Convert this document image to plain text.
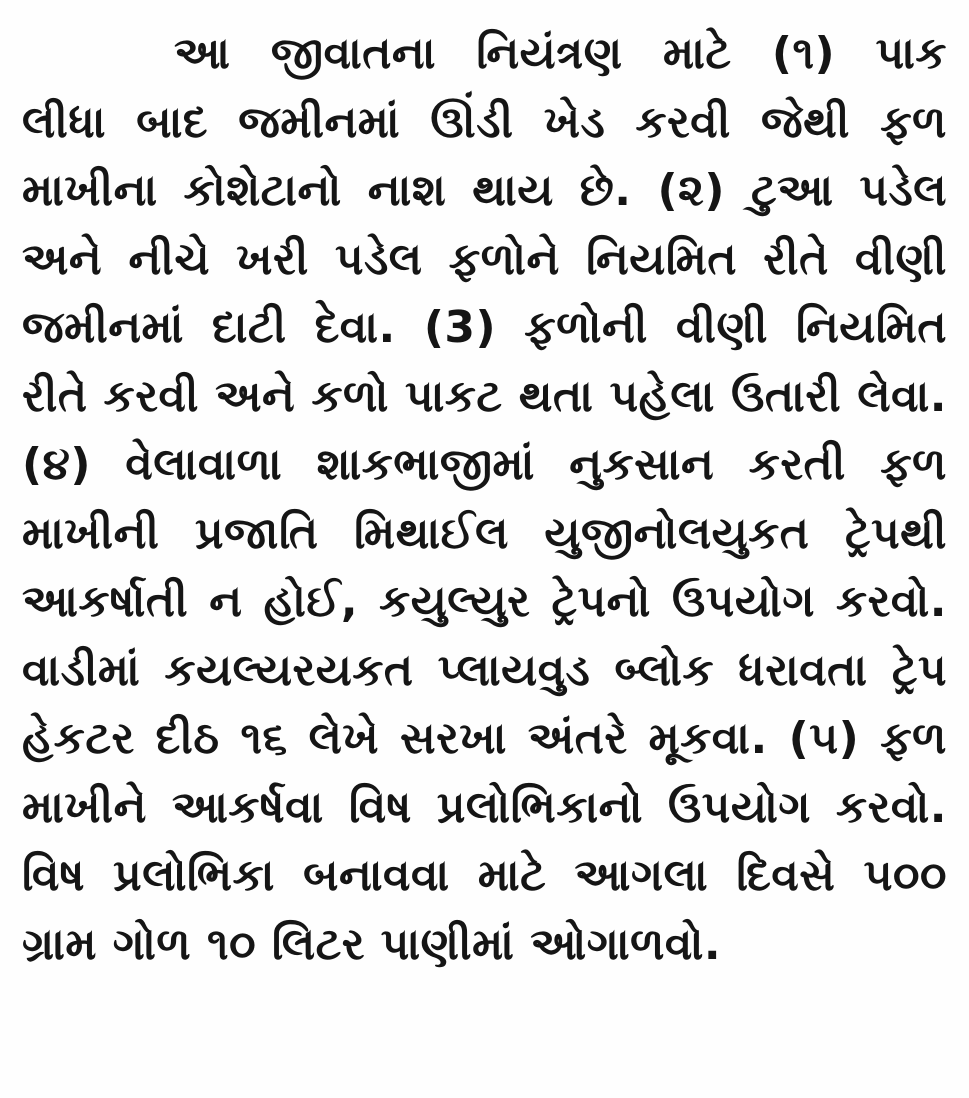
આ જીવાતના નિયંત્રણ માટે (૧) પાક
લીધા બાદ જમીનમાં ઊંડી ખેડ કરવી જેથી ફળ
માખીના કોશેટાનો નાશ થાય છે. (૨) ટુઆ પડેલ
અને નીચે ખરી પડેલ ફળોને નિયમિત રીતે વીણી
જમીનમાં દાટી દેવા. (3) ફળોની વીણી નિયમિત
રીતે કરવી અને કળો પાકટ થતા પહેલા ઉતારી લેવા.
(૪) વેલાવાળા શાકભાજીમાં નુકસાન કરતી ફળ
માખીની પ્રજાતિ મિથાઈલ યુજીનોલયુકત ટ્રેપથી
આકર્ષાતી ન હોઈ, કયુલ્યુર ટ્રેપનો ઉપયોગ કરવો.
વાડીમાં કયલ્યરયકત પ્લાયવુડ બ્લોક ધરાવતા ટ્રેપ
હેકટર દીઠ ૧૬ લેખે સરખા અંતરે મૂકવા. (૫) ફળ
માખીને આકર્ષવા વિષ પ્રલોભિકાનો ઉપયોગ કરવો.
વિષ પ્રલોભિકા બનાવવા માટે આગલા દિવસે ૫૦૦
ગ્રામ ગોળ ૧૦ લિટર પાણીમાં ઓગાળવો.
